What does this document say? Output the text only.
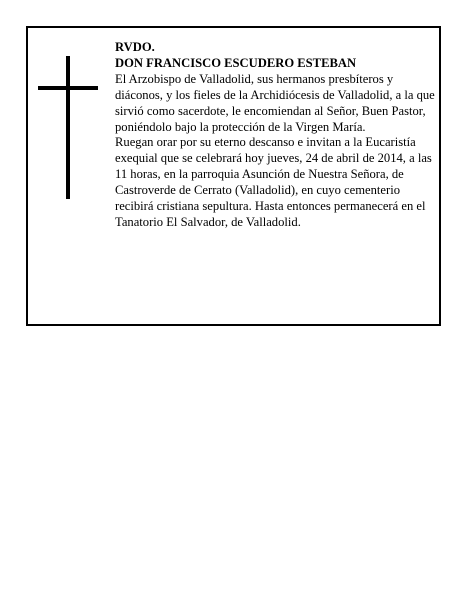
RVDO.
DON FRANCISCO ESCUDERO ESTEBAN
El Arzobispo de Valladolid, sus hermanos presbíteros y diáconos, y los fieles de la Archidiócesis de Valladolid, a la que sirvió como sacerdote, le encomiendan al Señor, Buen Pastor, poniéndolo bajo la protección de la Virgen María.
Ruegan orar por su eterno descanso e invitan a la Eucaristía exequial que se celebrará hoy jueves, 24 de abril de 2014, a las 11 horas, en la parroquia Asunción de Nuestra Señora, de Castroverde de Cerrato (Valladolid), en cuyo cementerio recibirá cristiana sepultura. Hasta entonces permanecerá en el Tanatorio El Salvador, de Valladolid.
